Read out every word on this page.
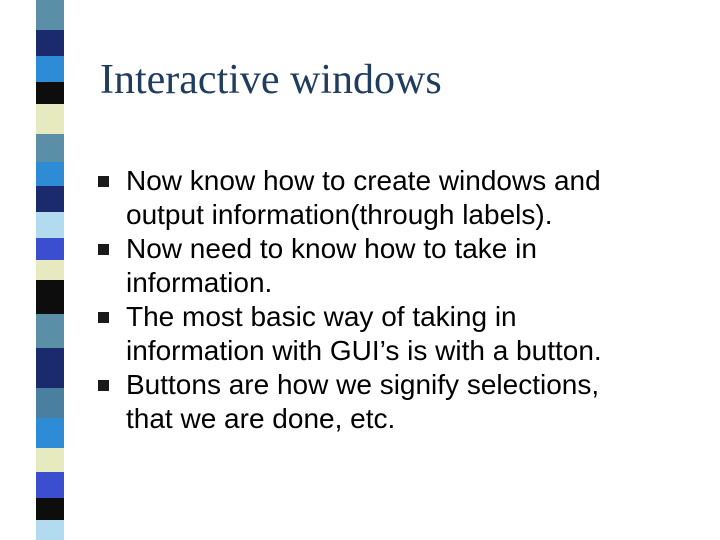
Interactive windows
Now know how to create windows and
output information(through labels).
Now need to know how to take in
information.
The most basic way of taking in
information with GUI’s is with a button.
Buttons are how we signify selections,
that we are done, etc.
